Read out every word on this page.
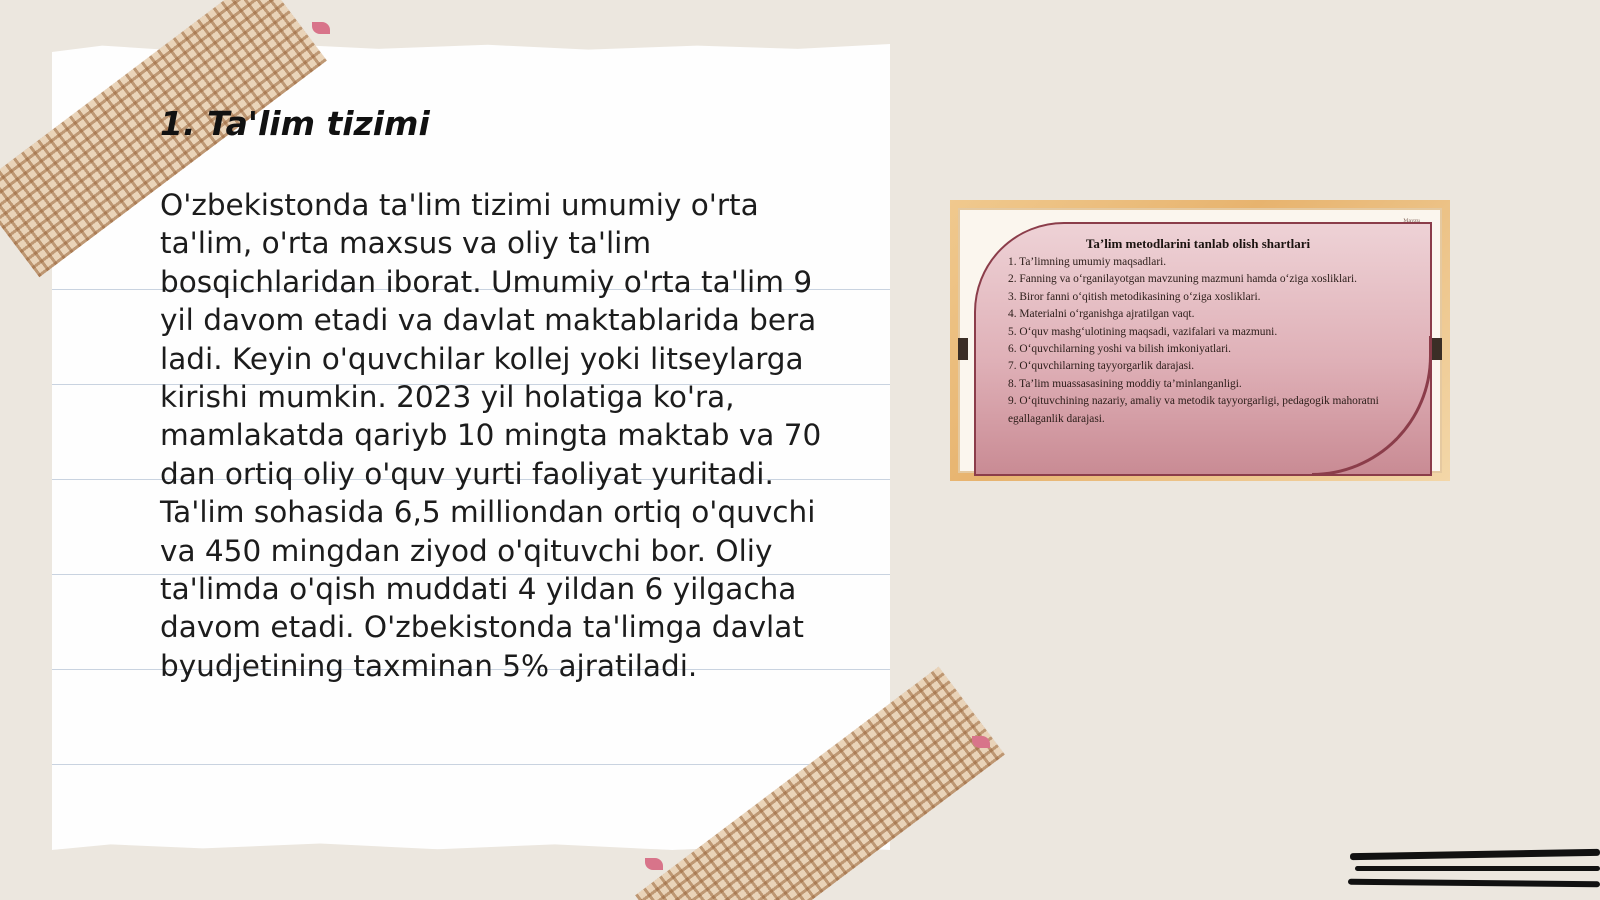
1. Ta'lim tizimi

O'zbekistonda ta'lim tizimi umumiy o'rta ta'lim, o'rta maxsus va oliy ta'lim bosqichlaridan iborat. Umumiy o'rta ta'lim 9 yil davom etadi va davlat maktablarida bera ladi. Keyin o'quvchilar kollej yoki litseylarga kirishi mumkin. 2023 yil holatiga ko'ra, mamlakatda qariyb 10 mingta maktab va 70 dan ortiq oliy o'quv yurti faoliyat yuritadi. Ta'lim sohasida 6,5 milliondan ortiq o'quvchi va 450 mingdan ziyod o'qituvchi bor. Oliy ta'limda o'qish muddati 4 yildan 6 yilgacha davom etadi. O'zbekistonda ta'limga davlat byudjetining taxminan 5% ajratiladi.

Mavzu
Ta’lim metodlarini tanlab olish shartlari
1. Ta’limning umumiy maqsadlari.
2. Fanning va o‘rganilayotgan mavzuning mazmuni hamda o‘ziga xosliklari.
3. Biror fanni o‘qitish metodikasining o‘ziga xosliklari.
4. Materialni o‘rganishga ajratilgan vaqt.
5. O‘quv mashg‘ulotining maqsadi, vazifalari va mazmuni.
6. O‘quvchilarning yoshi va bilish imkoniyatlari.
7. O‘quvchilarning tayyorgarlik darajasi.
8. Ta’lim muassasasining moddiy ta’minlanganligi.
9. O‘qituvchining nazariy, amaliy va metodik tayyorgarligi, pedagogik mahoratni egallaganlik darajasi.
